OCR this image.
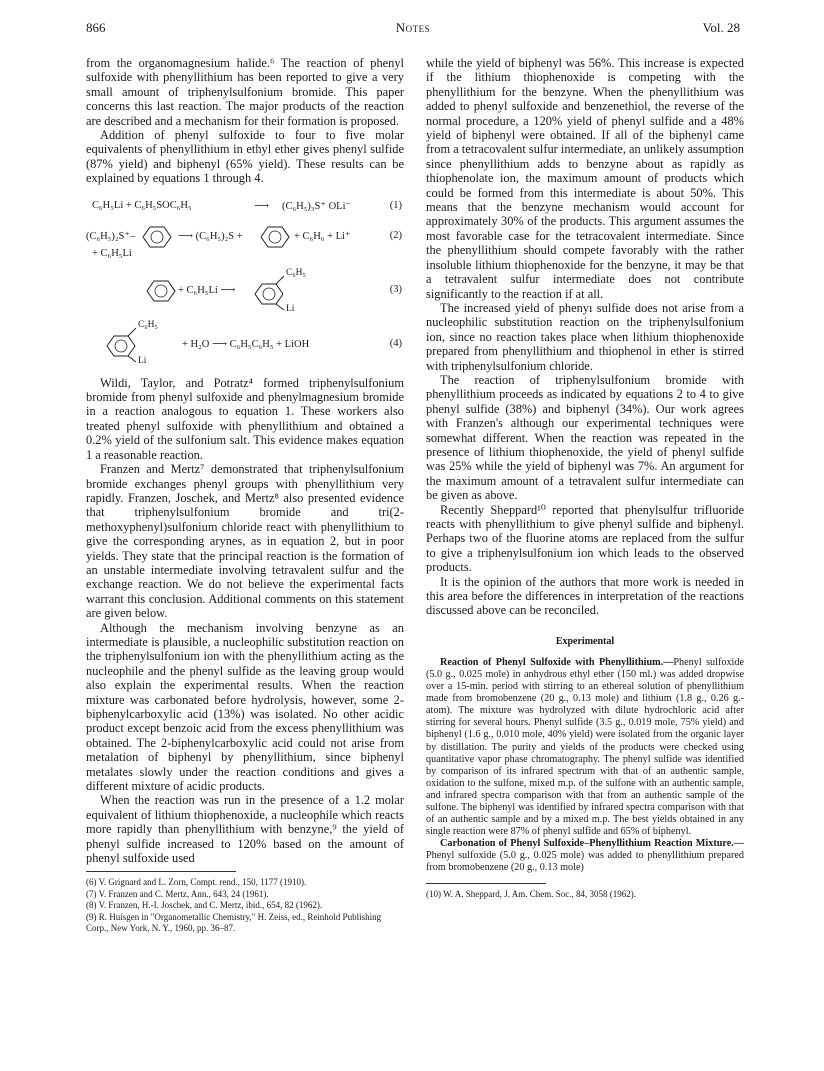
866	Notes	Vol. 28

from the organomagnesium halide.⁶ The reaction of phenyl sulfoxide with phenyllithium has been reported to give a very small amount of triphenylsulfonium bromide. This paper concerns this last reaction. The major products of the reaction are described and a mechanism for their formation is proposed.

Addition of phenyl sulfoxide to four to five molar equivalents of phenyllithium in ethyl ether gives phenyl sulfide (87% yield) and biphenyl (65% yield). These results can be explained by equations 1 through 4.

C₆H₅Li + C₆H₅SOC₆H₅	⟶ (C₆H₅)₃S⁺ OLi⁻	(1)
(C₆H₅)₂S⁺–	⟶ (C₆H₅)₂S +	+ C₆H₆ + Li⁺	(2)
+ C₆H₅Li
+ C₆H₅Li ⟶
C₆H₅
Li
(3)
C₆H₅
Li
+ H₂O ⟶ C₆H₅C₆H₅ + LiOH	(4)

Wildi, Taylor, and Potratz⁴ formed triphenylsulfonium bromide from phenyl sulfoxide and phenylmagnesium bromide in a reaction analogous to equation 1. These workers also treated phenyl sulfoxide with phenyllithium and obtained a 0.2% yield of the sulfonium salt. This evidence makes equation 1 a reasonable reaction.

Franzen and Mertz⁷ demonstrated that triphenylsulfonium bromide exchanges phenyl groups with phenyllithium very rapidly. Franzen, Joschek, and Mertz⁸ also presented evidence that triphenylsulfonium bromide and tri(2-methoxyphenyl)sulfonium chloride react with phenyllithium to give the corresponding arynes, as in equation 2, but in poor yields. They state that the principal reaction is the formation of an unstable intermediate involving tetravalent sulfur and the exchange reaction. We do not believe the experimental facts warrant this conclusion. Additional comments on this statement are given below.

Although the mechanism involving benzyne as an intermediate is plausible, a nucleophilic substitution reaction on the triphenylsulfonium ion with the phenyllithium acting as the nucleophile and the phenyl sulfide as the leaving group would also explain the experimental results. When the reaction mixture was carbonated before hydrolysis, however, some 2-biphenylcarboxylic acid (13%) was isolated. No other acidic product except benzoic acid from the excess phenyllithium was obtained. The 2-biphenylcarboxylic acid could not arise from metalation of biphenyl by phenyllithium, since biphenyl metalates slowly under the reaction conditions and gives a different mixture of acidic products.

When the reaction was run in the presence of a 1.2 molar equivalent of lithium thiophenoxide, a nucleophile which reacts more rapidly than phenyllithium with benzyne,⁹ the yield of phenyl sulfide increased to 120% based on the amount of phenyl sulfoxide used

(6) V. Grignard and L. Zorn, Compt. rend., 150, 1177 (1910).
(7) V. Franzen and C. Mertz, Ann., 643, 24 (1961).
(8) V. Franzen, H.-I. Joschek, and C. Mertz, ibid., 654, 82 (1962).
(9) R. Huisgen in "Organometallic Chemistry," H. Zeiss, ed., Reinhold Publishing Corp., New York, N. Y., 1960, pp. 36–87.

while the yield of biphenyl was 56%. This increase is expected if the lithium thiophenoxide is competing with the phenyllithium for the benzyne. When the phenyllithium was added to phenyl sulfoxide and benzenethiol, the reverse of the normal procedure, a 120% yield of phenyl sulfide and a 48% yield of biphenyl were obtained. If all of the biphenyl came from a tetracovalent sulfur intermediate, an unlikely assumption since phenyllithium adds to benzyne about as rapidly as thiophenolate ion, the maximum amount of products which could be formed from this intermediate is about 50%. This means that the benzyne mechanism would account for approximately 30% of the products. This argument assumes the most favorable case for the tetracovalent intermediate. Since the phenyllithium should compete favorably with the rather insoluble lithium thiophenoxide for the benzyne, it may be that a tetravalent sulfur intermediate does not contribute significantly to the reaction if at all.

The increased yield of phenyı sulfide does not arise from a nucleophilic substitution reaction on the triphenylsulfonium ion, since no reaction takes place when lithium thiophenoxide prepared from phenyllithium and thiophenol in ether is stirred with triphenylsulfonium chloride.

The reaction of triphenylsulfonium bromide with phenyllithium proceeds as indicated by equations 2 to 4 to give phenyl sulfide (38%) and biphenyl (34%). Our work agrees with Franzen's although our experimental techniques were somewhat different. When the reaction was repeated in the presence of lithium thiophenoxide, the yield of phenyl sulfide was 25% while the yield of biphenyl was 7%. An argument for the maximum amount of a tetravalent sulfur intermediate can be given as above.

Recently Sheppard¹⁰ reported that phenylsulfur trifluoride reacts with phenyllithium to give phenyl sulfide and biphenyl. Perhaps two of the fluorine atoms are replaced from the sulfur to give a triphenylsulfonium ion which leads to the observed products.

It is the opinion of the authors that more work is needed in this area before the differences in interpretation of the reactions discussed above can be reconciled.

Experimental

Reaction of Phenyl Sulfoxide with Phenyllithium.—Phenyl sulfoxide (5.0 g., 0.025 mole) in anhydrous ethyl ether (150 ml.) was added dropwise over a 15-min. period with stirring to an ethereal solution of phenyllithium made from bromobenzene (20 g., 0.13 mole) and lithium (1.8 g., 0.26 g.-atom). The mixture was hydrolyzed with dilute hydrochloric acid after stirring for several hours. Phenyl sulfide (3.5 g., 0.019 mole, 75% yield) and biphenyl (1.6 g., 0.010 mole, 40% yield) were isolated from the organic layer by distillation. The purity and yields of the products were checked using quantitative vapor phase chromatography. The phenyl sulfide was identified by comparison of its infrared spectrum with that of an authentic sample, oxidation to the sulfone, mixed m.p. of the sulfone with an authentic sample, and infrared spectra comparison with that from an authentic sample of the sulfone. The biphenyl was identified by infrared spectra comparison with that of an authentic sample and by a mixed m.p. The best yields obtained in any single reaction were 87% of phenyl sulfide and 65% of biphenyl.

Carbonation of Phenyl Sulfoxide–Phenyllithium Reaction Mixture.—Phenyl sulfoxide (5.0 g., 0.025 mole) was added to phenyllithium prepared from bromobenzene (20 g., 0.13 mole)

(10) W. A. Sheppard, J. Am. Chem. Soc., 84, 3058 (1962).
